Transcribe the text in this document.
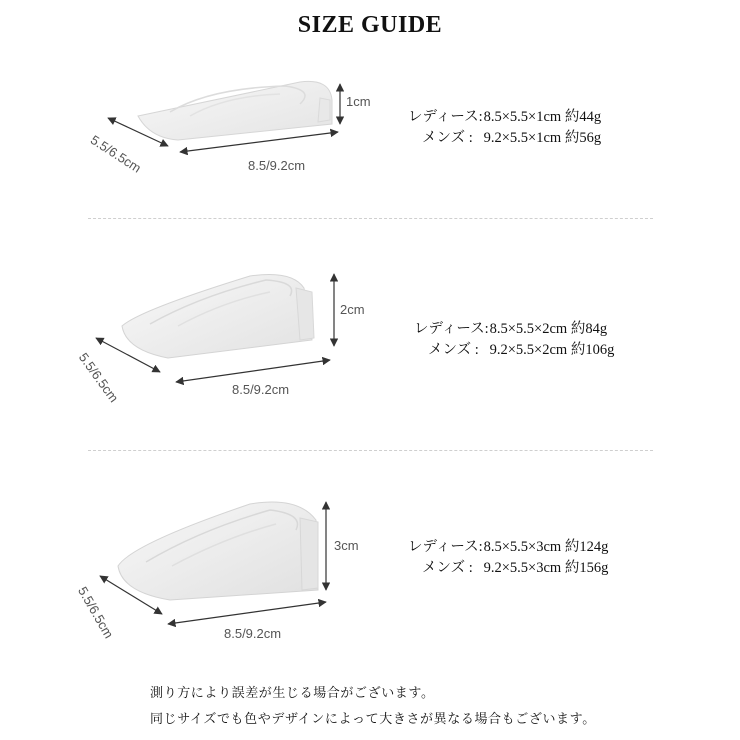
SIZE GUIDE
1cm
8.5/9.2cm
5.5/6.5cm
レディース: 8.5×5.5×1cm 約44g
メンズ : 9.2×5.5×1cm 約56g
2cm
8.5/9.2cm
5.5/6.5cm
レディース: 8.5×5.5×2cm 約84g
メンズ : 9.2×5.5×2cm 約106g
3cm
8.5/9.2cm
5.5/6.5cm
レディース: 8.5×5.5×3cm 約124g
メンズ : 9.2×5.5×3cm 約156g
測り方により誤差が生じる場合がございます。
同じサイズでも色やデザインによって大きさが異なる場合もございます。
